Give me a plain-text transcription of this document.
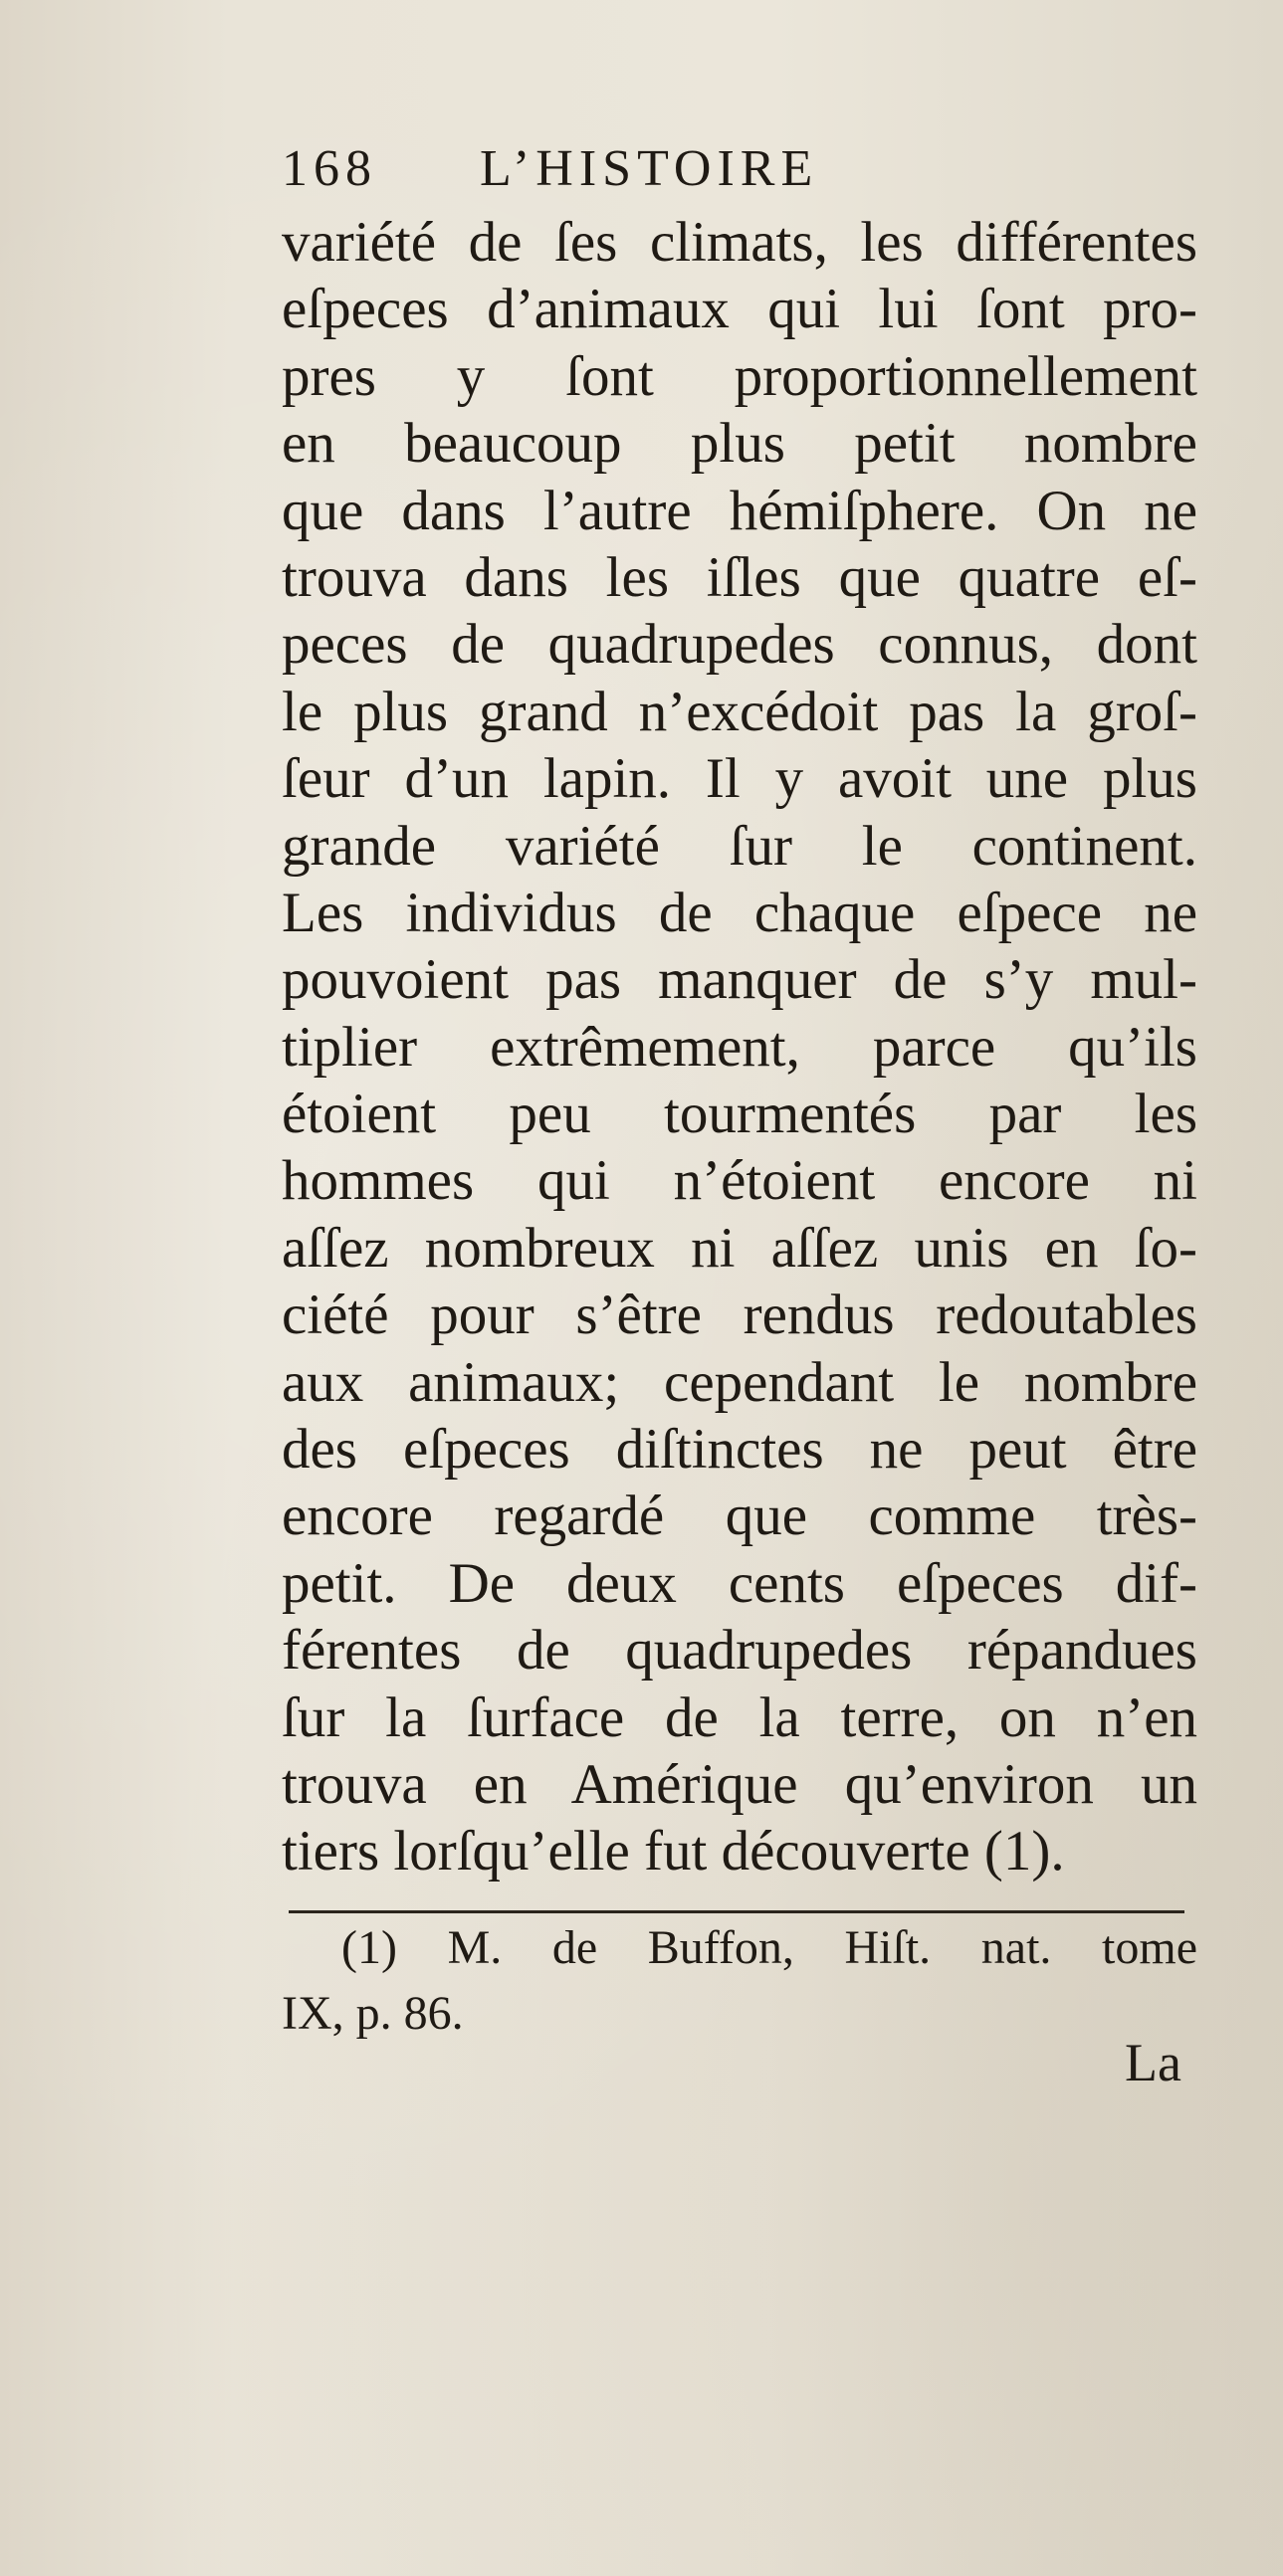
168 L’HISTOIRE
variété de ſes climats, les différentes
eſpeces d’animaux qui lui ſont pro-
pres y ſont proportionnellement
en beaucoup plus petit nombre
que dans l’autre hémiſphere. On ne
trouva dans les iſles que quatre eſ-
peces de quadrupedes connus, dont
le plus grand n’excédoit pas la groſ-
ſeur d’un lapin. Il y avoit une plus
grande variété ſur le continent.
Les individus de chaque eſpece ne
pouvoient pas manquer de s’y mul-
tiplier extrêmement, parce qu’ils
étoient peu tourmentés par les
hommes qui n’étoient encore ni
aſſez nombreux ni aſſez unis en ſo-
ciété pour s’être rendus redoutables
aux animaux; cependant le nombre
des eſpeces diſtinctes ne peut être
encore regardé que comme très-
petit. De deux cents eſpeces dif-
férentes de quadrupedes répandues
ſur la ſurface de la terre, on n’en
trouva en Amérique qu’environ un
tiers lorſqu’elle fut découverte (1).
(1) M. de Buffon, Hiſt. nat. tome
IX, p. 86.
La
